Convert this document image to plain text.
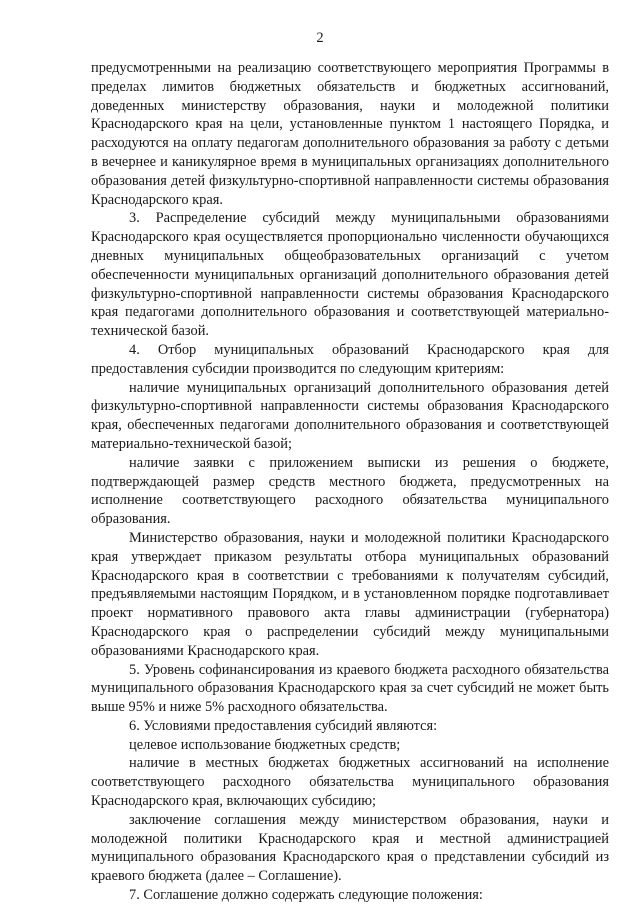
2

предусмотренными на реализацию соответствующего мероприятия Программы в пределах лимитов бюджетных обязательств и бюджетных ассигнований, доведенных министерству образования, науки и молодежной политики Краснодарского края на цели, установленные пунктом 1 настоящего Порядка, и расходуются на оплату педагогам дополнительного образования за работу с детьми в вечернее и каникулярное время в муниципальных организациях дополнительного образования детей физкультурно-спортивной направленности системы образования Краснодарского края.

3. Распределение субсидий между муниципальными образованиями Краснодарского края осуществляется пропорционально численности обучающихся дневных муниципальных общеобразовательных организаций с учетом обеспеченности муниципальных организаций дополнительного образования детей физкультурно-спортивной направленности системы образования Краснодарского края педагогами дополнительного образования и соответствующей материально-технической базой.

4. Отбор муниципальных образований Краснодарского края для предоставления субсидии производится по следующим критериям:

наличие муниципальных организаций дополнительного образования детей физкультурно-спортивной направленности системы образования Краснодарского края, обеспеченных педагогами дополнительного образования и соответствующей материально-технической базой;

наличие заявки с приложением выписки из решения о бюджете, подтверждающей размер средств местного бюджета, предусмотренных на исполнение соответствующего расходного обязательства муниципального образования.

Министерство образования, науки и молодежной политики Краснодарского края утверждает приказом результаты отбора муниципальных образований Краснодарского края в соответствии с требованиями к получателям субсидий, предъявляемыми настоящим Порядком, и в установленном порядке подготавливает проект нормативного правового акта главы администрации (губернатора) Краснодарского края о распределении субсидий между муниципальными образованиями Краснодарского края.

5. Уровень софинансирования из краевого бюджета расходного обязательства муниципального образования Краснодарского края за счет субсидий не может быть выше 95% и ниже 5% расходного обязательства.

6. Условиями предоставления субсидий являются:

целевое использование бюджетных средств;

наличие в местных бюджетах бюджетных ассигнований на исполнение соответствующего расходного обязательства муниципального образования Краснодарского края, включающих субсидию;

заключение соглашения между министерством образования, науки и молодежной политики Краснодарского края и местной администрацией муниципального образования Краснодарского края о представлении субсидий из краевого бюджета (далее – Соглашение).

7. Соглашение должно содержать следующие положения:
